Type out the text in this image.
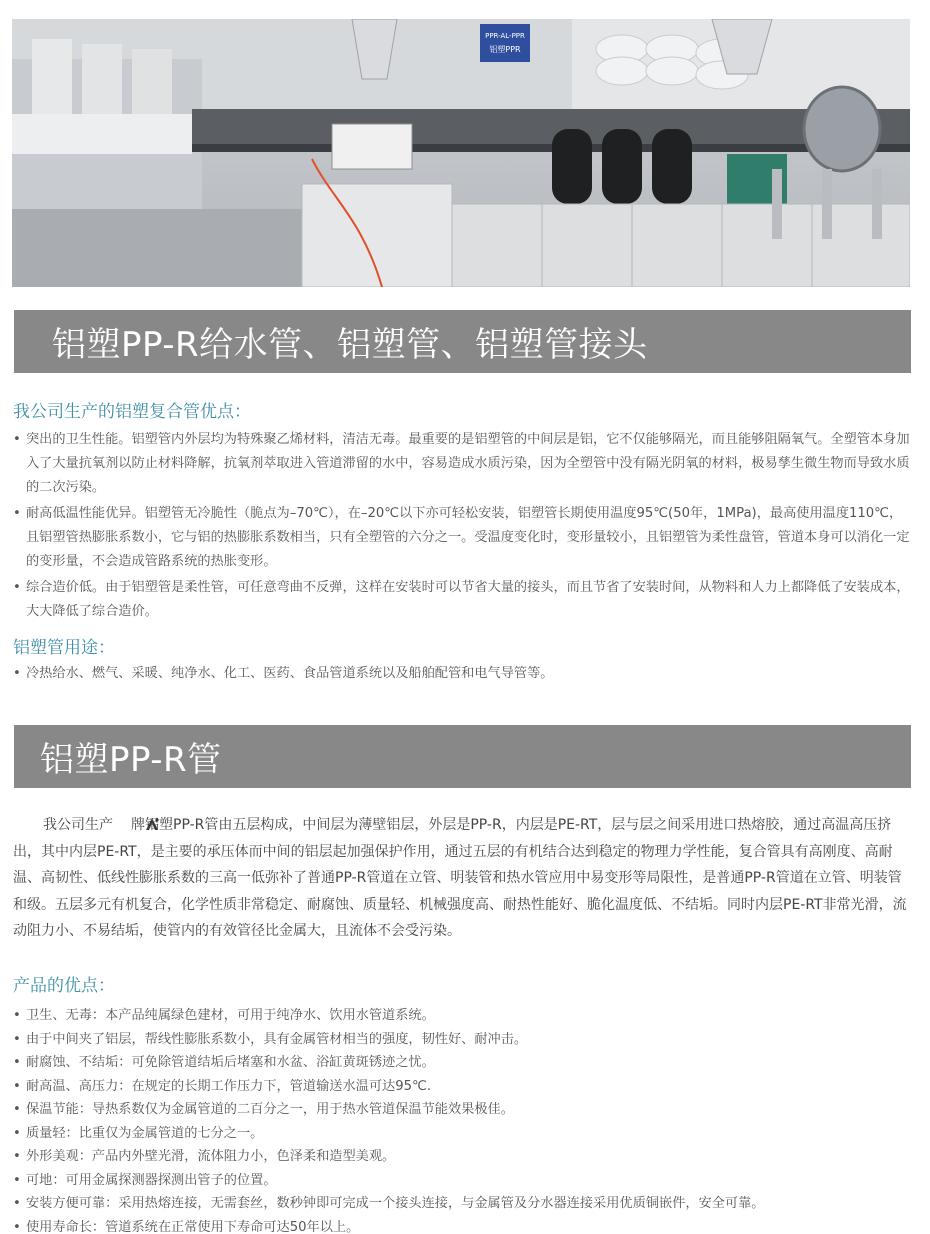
PPR-AL-PPR
铝塑PPR
铝塑PP-R给水管、铝塑管、铝塑管接头
我公司生产的铝塑复合管优点：
• 突出的卫生性能。铝塑管内外层均为特殊聚乙烯材料，清洁无毒。最重要的是铝塑管的中间层是铝，它不仅能够隔光，而且能够阻隔氧气。全塑管本身加入了大量抗氧剂以防止材料降解，抗氧剂萃取进入管道滞留的水中，容易造成水质污染，因为全塑管中没有隔光阴氧的材料，极易孳生微生物而导致水质的二次污染。
• 耐高低温性能优异。铝塑管无冷脆性（脆点为–70℃），在–20℃以下亦可轻松安装，铝塑管长期使用温度95℃(50年，1MPa)，最高使用温度110℃，且铝塑管热膨胀系数小，它与铝的热膨胀系数相当，只有全塑管的六分之一。受温度变化时，变形量较小，且铝塑管为柔性盘管，管道本身可以消化一定的变形量，不会造成管路系统的热胀变形。
• 综合造价低。由于铝塑管是柔性管，可任意弯曲不反弹，这样在安装时可以节省大量的接头，而且节省了安装时间，从物料和人力上都降低了安装成本，大大降低了综合造价。
铝塑管用途：
• 冷热给水、燃气、采暖、纯净水、化工、医药、食品管道系统以及船舶配管和电气导管等。
铝塑PP-R管
我公司生产 牌铝塑PP-R管由五层构成，中间层为薄壁铝层，外层是PP-R，内层是PE-RT，层与层之间采用进口热熔胶，通过高温高压挤出，其中内层PE-RT，是主要的承压体而中间的铝层起加强保护作用，通过五层的有机结合达到稳定的物理力学性能，复合管具有高刚度、高耐温、高韧性、低线性膨胀系数的三高一低弥补了普通PP-R管道在立管、明装管和热水管应用中易变形等局限性，是普通PP-R管道在立管、明装管和级。五层多元有机复合，化学性质非常稳定、耐腐蚀、质量轻、机械强度高、耐热性能好、脆化温度低、不结垢。同时内层PE-RT非常光滑，流动阻力小、不易结垢，使管内的有效管径比金属大，且流体不会受污染。
产品的优点：
• 卫生、无毒：本产品纯属绿色建材，可用于纯净水、饮用水管道系统。
• 由于中间夹了铝层，帮线性膨胀系数小，具有金属管材相当的强度，韧性好、耐冲击。
• 耐腐蚀、不结垢：可免除管道结垢后堵塞和水盆、浴缸黄斑锈迹之忧。
• 耐高温、高压力：在规定的长期工作压力下，管道输送水温可达95℃.
• 保温节能：导热系数仅为金属管道的二百分之一，用于热水管道保温节能效果极佳。
• 质量轻：比重仅为金属管道的七分之一。
• 外形美观：产品内外壁光滑，流体阻力小，色泽柔和造型美观。
• 可地：可用金属探测器探测出管子的位置。
• 安装方便可靠：采用热熔连接，无需套丝，数秒钟即可完成一个接头连接，与金属管及分水器连接采用优质铜嵌件，安全可靠。
• 使用寿命长：管道系统在正常使用下寿命可达50年以上。
